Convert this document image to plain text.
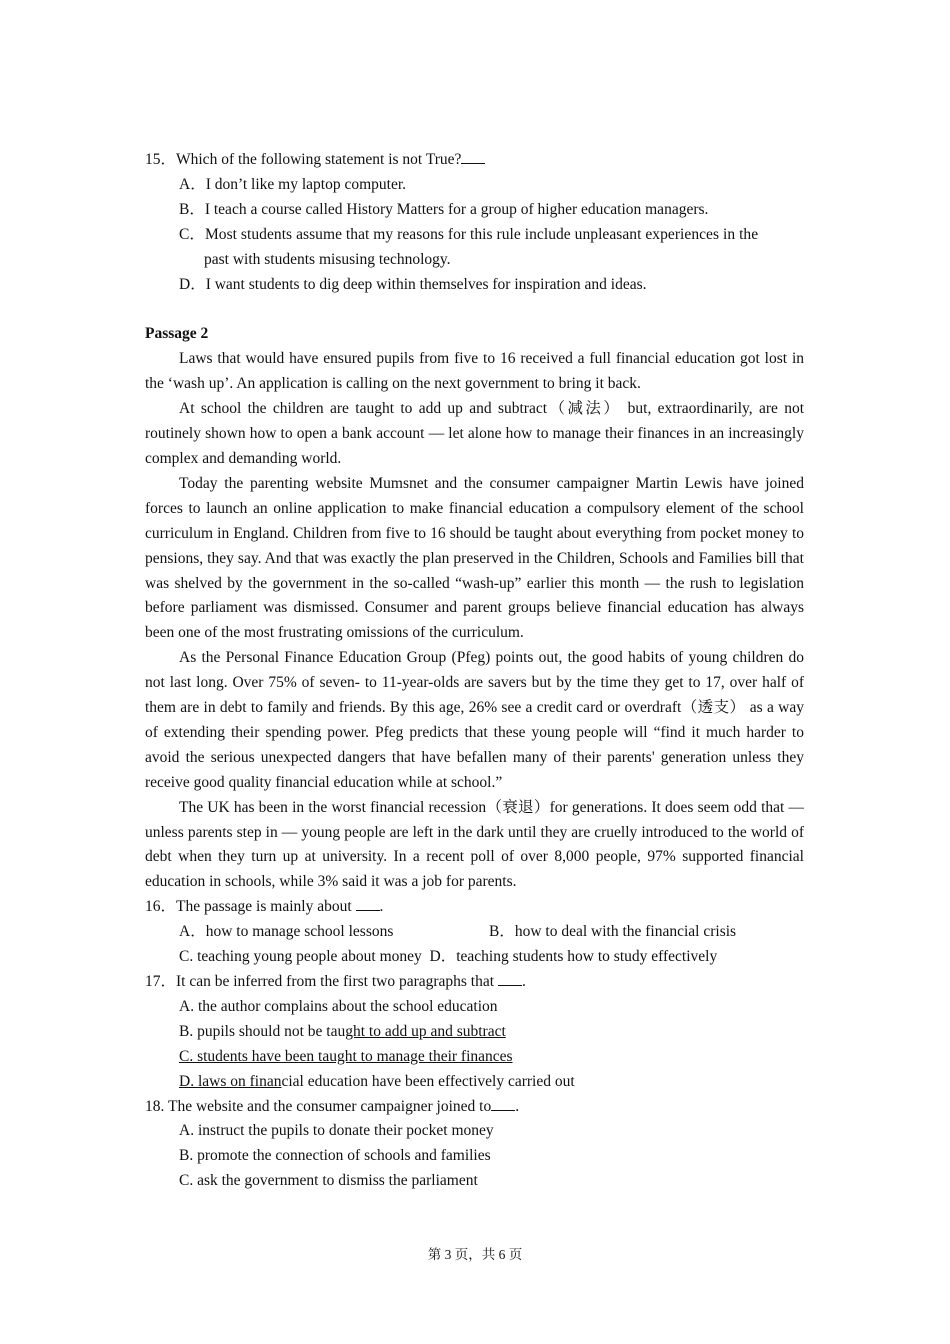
15．Which of the following statement is not True?
A．I don’t like my laptop computer.
B．I teach a course called History Matters for a group of higher education managers.
C．Most students assume that my reasons for this rule include unpleasant experiences in the
past with students misusing technology.
D．I want students to dig deep within themselves for inspiration and ideas.
Passage 2

Laws that would have ensured pupils from five to 16 received a full financial education got lost in the ‘wash up’. An application is calling on the next government to bring it back.

At school the children are taught to add up and subtract（减法） but, extraordinarily, are not routinely shown how to open a bank account — let alone how to manage their finances in an increasingly complex and demanding world.

Today the parenting website Mumsnet and the consumer campaigner Martin Lewis have joined forces to launch an online application to make financial education a compulsory element of the school curriculum in England. Children from five to 16 should be taught about everything from pocket money to pensions, they say. And that was exactly the plan preserved in the Children, Schools and Families bill that was shelved by the government in the so-called “wash-up” earlier this month — the rush to legislation before parliament was dismissed. Consumer and parent groups believe financial education has always been one of the most frustrating omissions of the curriculum.

As the Personal Finance Education Group (Pfeg) points out, the good habits of young children do not last long. Over 75% of seven- to 11-year-olds are savers but by the time they get to 17, over half of them are in debt to family and friends. By this age, 26% see a credit card or overdraft（透支） as a way of extending their spending power. Pfeg predicts that these young people will “find it much harder to avoid the serious unexpected dangers that have befallen many of their parents' generation unless they receive good quality financial education while at school.”

The UK has been in the worst financial recession（衰退）for generations. It does seem odd that — unless parents step in — young people are left in the dark until they are cruelly introduced to the world of debt when they turn up at university. In a recent poll of over 8,000 people, 97% supported financial education in schools, while 3% said it was a job for parents.

16．The passage is mainly about .
A．how to manage school lessons	B．how to deal with the financial crisis
C. teaching young people about money D．teaching students how to study effectively
17．It can be inferred from the first two paragraphs that .
A. the author complains about the school education
B. pupils should not be taught to add up and subtract
C. students have been taught to manage their finances
D. laws on financial education have been effectively carried out
18. The website and the consumer campaigner joined to .
A. instruct the pupils to donate their pocket money
B. promote the connection of schools and families
C. ask the government to dismiss the parliament
第 3 页，共 6 页
